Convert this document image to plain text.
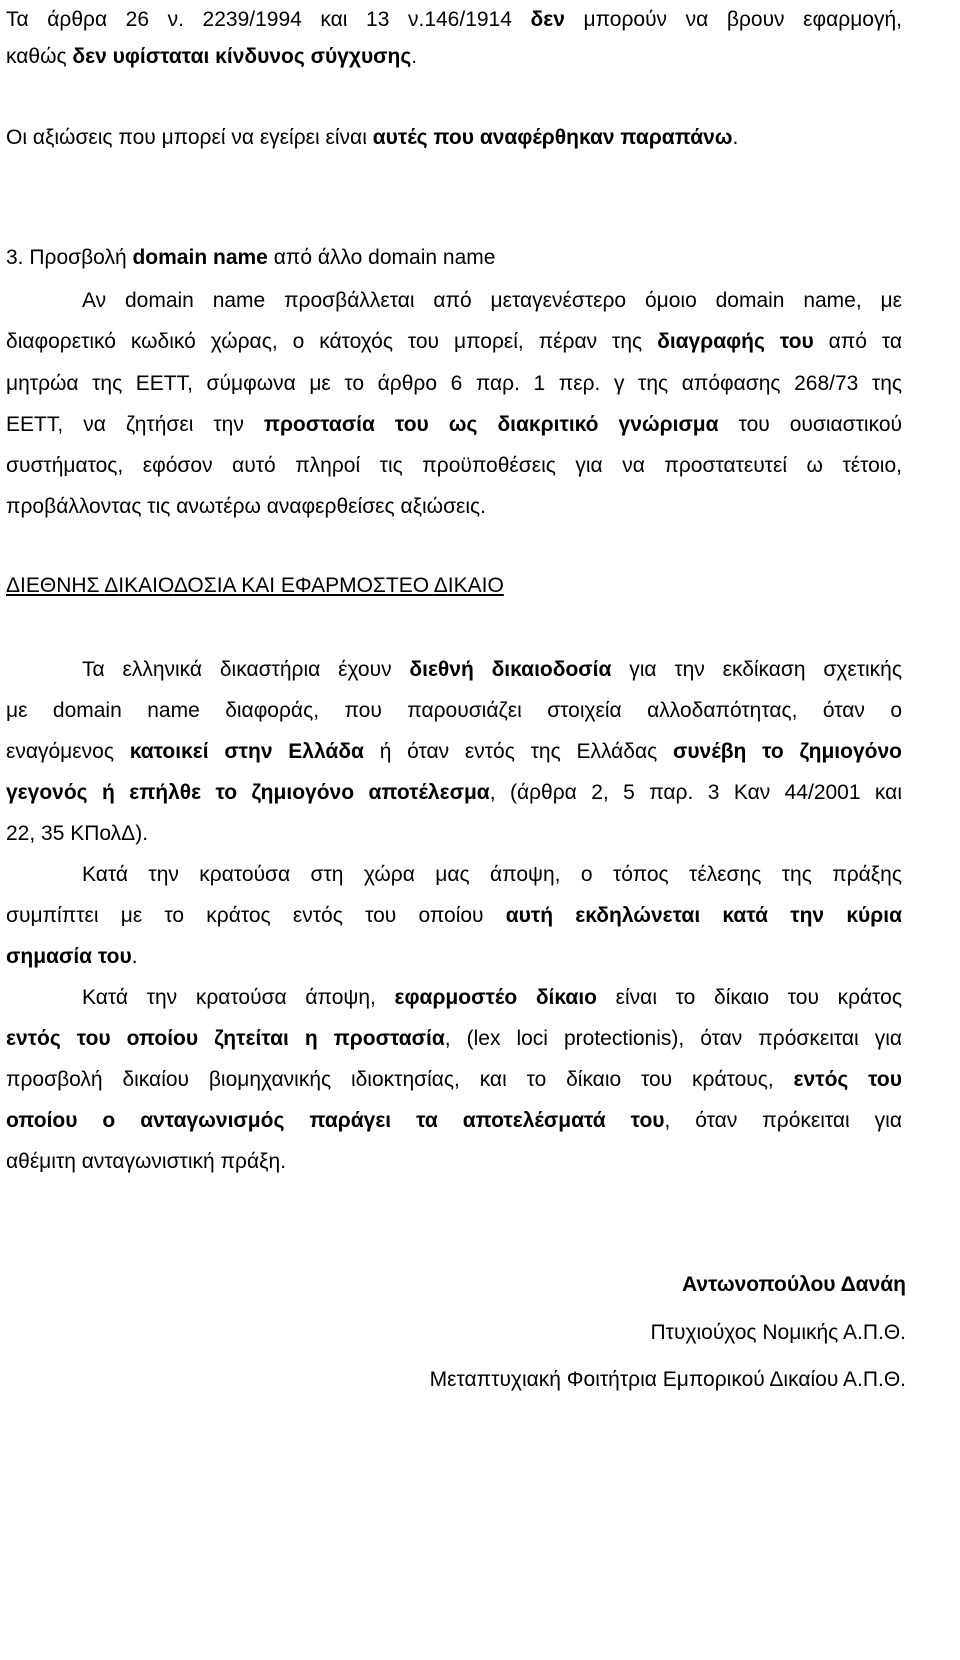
Τα άρθρα 26 ν. 2239/1994 και 13 ν.146/1914 δεν μπορούν να βρουν εφαρμογή,
καθώς δεν υφίσταται κίνδυνος σύγχυσης.
Οι αξιώσεις που μπορεί να εγείρει είναι αυτές που αναφέρθηκαν παραπάνω.
3. Προσβολή domain name από άλλο domain name
Αν domain name προσβάλλεται από μεταγενέστερο όμοιο domain name, με
διαφορετικό κωδικό χώρας, ο κάτοχός του μπορεί, πέραν της διαγραφής του από τα
μητρώα της ΕΕΤΤ, σύμφωνα με το άρθρο 6 παρ. 1 περ. γ της απόφασης 268/73 της
ΕΕΤΤ, να ζητήσει την προστασία του ως διακριτικό γνώρισμα του ουσιαστικού
συστήματος, εφόσον αυτό πληροί τις προϋποθέσεις για να προστατευτεί ω τέτοιο,
προβάλλοντας τις ανωτέρω αναφερθείσες αξιώσεις.
ΔΙΕΘΝΗΣ ΔΙΚΑΙΟΔΟΣΙΑ ΚΑΙ ΕΦΑΡΜΟΣΤΕΟ ΔΙΚΑΙΟ
Τα ελληνικά δικαστήρια έχουν διεθνή δικαιοδοσία για την εκδίκαση σχετικής
με domain name διαφοράς, που παρουσιάζει στοιχεία αλλοδαπότητας, όταν ο
εναγόμενος κατοικεί στην Ελλάδα ή όταν εντός της Ελλάδας συνέβη το ζημιογόνο
γεγονός ή επήλθε το ζημιογόνο αποτέλεσμα, (άρθρα 2, 5 παρ. 3 Καν 44/2001 και
22, 35 ΚΠολΔ).
Κατά την κρατούσα στη χώρα μας άποψη, ο τόπος τέλεσης της πράξης
συμπίπτει με το κράτος εντός του οποίου αυτή εκδηλώνεται κατά την κύρια
σημασία του.
Κατά την κρατούσα άποψη, εφαρμοστέο δίκαιο είναι το δίκαιο του κράτος
εντός του οποίου ζητείται η προστασία, (lex loci protectionis), όταν πρόσκειται για
προσβολή δικαίου βιομηχανικής ιδιοκτησίας, και το δίκαιο του κράτους, εντός του
οποίου ο ανταγωνισμός παράγει τα αποτελέσματά του, όταν πρόκειται για
αθέμιτη ανταγωνιστική πράξη.
Αντωνοπούλου Δανάη
Πτυχιούχος Νομικής Α.Π.Θ.
Μεταπτυχιακή Φοιτήτρια Εμπορικού Δικαίου Α.Π.Θ.
